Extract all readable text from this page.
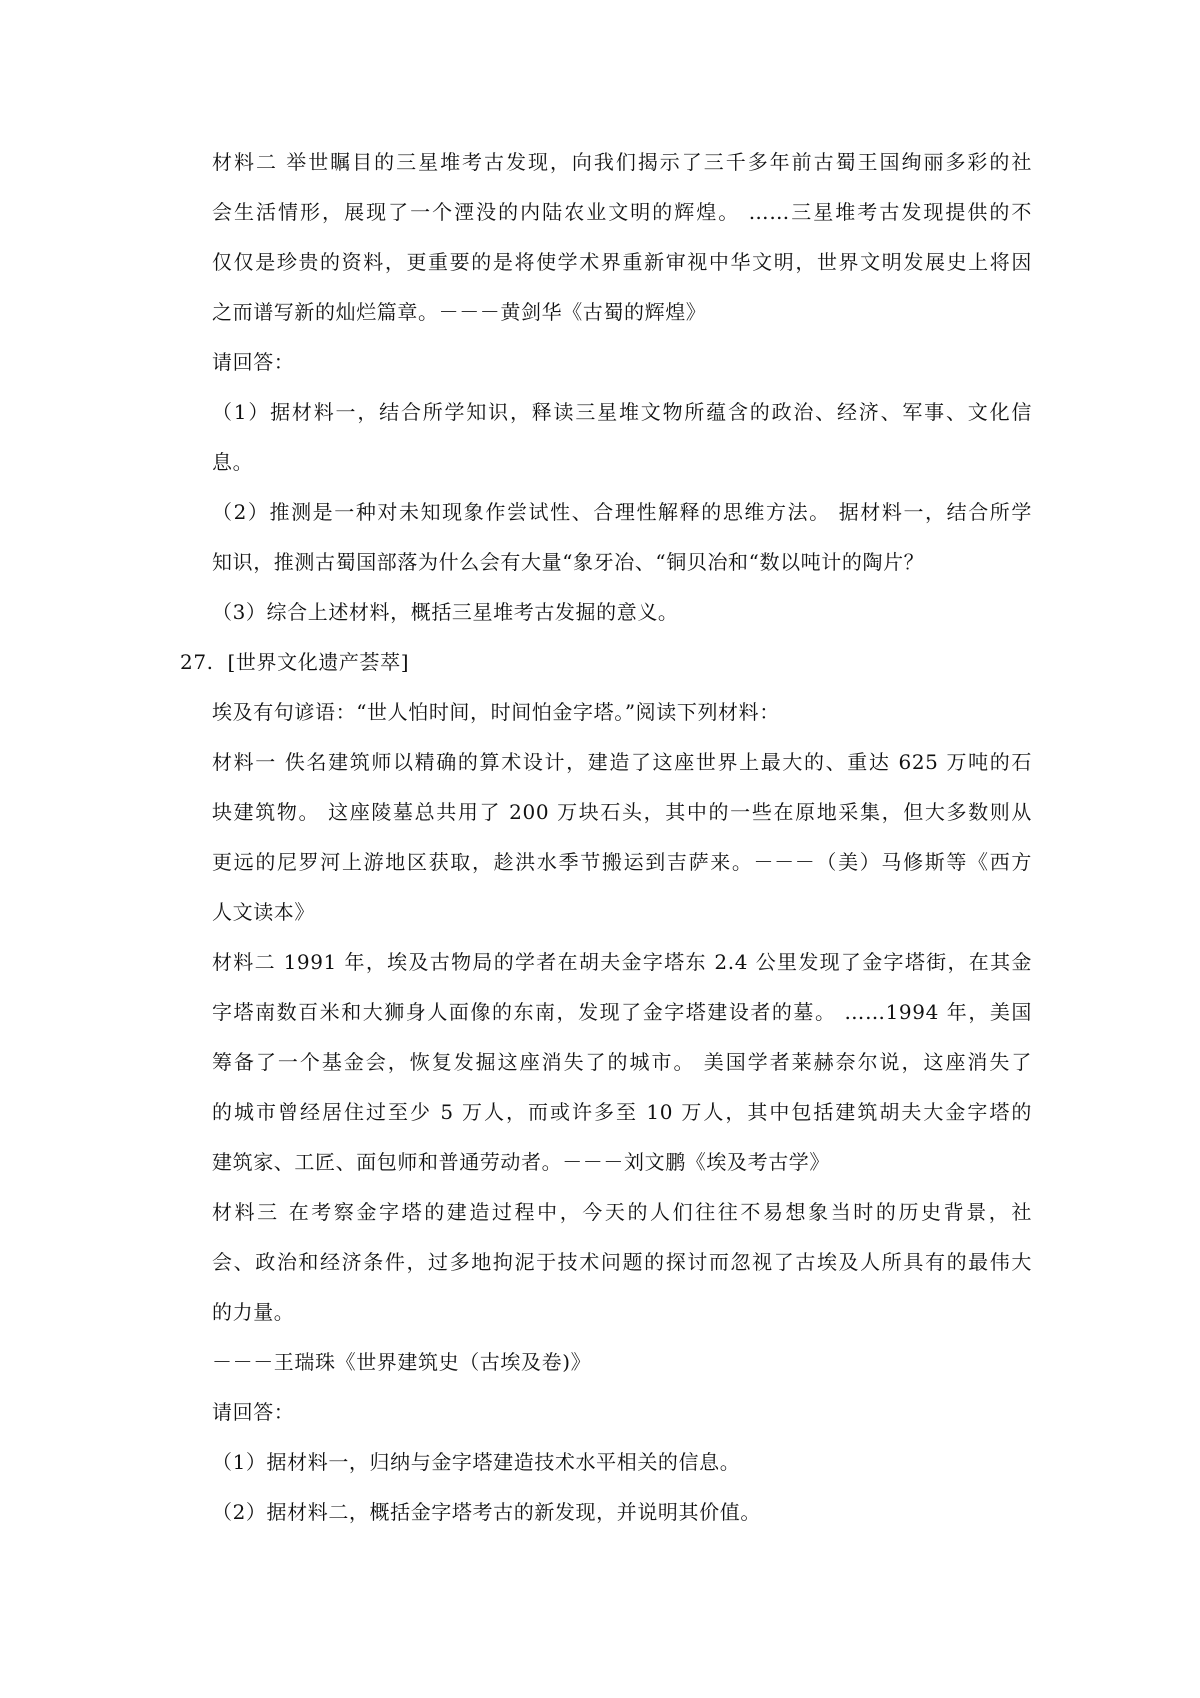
材料二 举世瞩目的三星堆考古发现，向我们揭示了三千多年前古蜀王国绚丽多彩的社
会生活情形，展现了一个湮没的内陆农业文明的辉煌。 ……三星堆考古发现提供的不
仅仅是珍贵的资料，更重要的是将使学术界重新审视中华文明，世界文明发展史上将因
之而谱写新的灿烂篇章。－－－黄剑华《古蜀的辉煌》
请回答：
（1）据材料一，结合所学知识，释读三星堆文物所蕴含的政治、经济、军事、文化信
息。
（2）推测是一种对未知现象作尝试性、合理性解释的思维方法。 据材料一，结合所学
知识，推测古蜀国部落为什么会有大量“象牙冶、“铜贝冶和“数以吨计的陶片？
（3）综合上述材料，概括三星堆考古发掘的意义。
27.  [世界文化遗产荟萃]
埃及有句谚语：“世人怕时间，时间怕金字塔。”阅读下列材料：
材料一 佚名建筑师以精确的算术设计，建造了这座世界上最大的、重达 625 万吨的石
块建筑物。 这座陵墓总共用了 200 万块石头，其中的一些在原地采集，但大多数则从
更远的尼罗河上游地区获取，趁洪水季节搬运到吉萨来。－－－（美）马修斯等《西方
人文读本》
材料二 1991 年，埃及古物局的学者在胡夫金字塔东 2.4 公里发现了金字塔街，在其金
字塔南数百米和大狮身人面像的东南，发现了金字塔建设者的墓。 ……1994 年，美国
筹备了一个基金会，恢复发掘这座消失了的城市。 美国学者莱赫奈尔说，这座消失了
的城市曾经居住过至少 5 万人，而或许多至 10 万人，其中包括建筑胡夫大金字塔的
建筑家、工匠、面包师和普通劳动者。－－－刘文鹏《埃及考古学》
材料三 在考察金字塔的建造过程中，今天的人们往往不易想象当时的历史背景，社
会、政治和经济条件，过多地拘泥于技术问题的探讨而忽视了古埃及人所具有的最伟大
的力量。
－－－王瑞珠《世界建筑史（古埃及卷)》
请回答：
（1）据材料一，归纳与金字塔建造技术水平相关的信息。
（2）据材料二，概括金字塔考古的新发现，并说明其价值。
